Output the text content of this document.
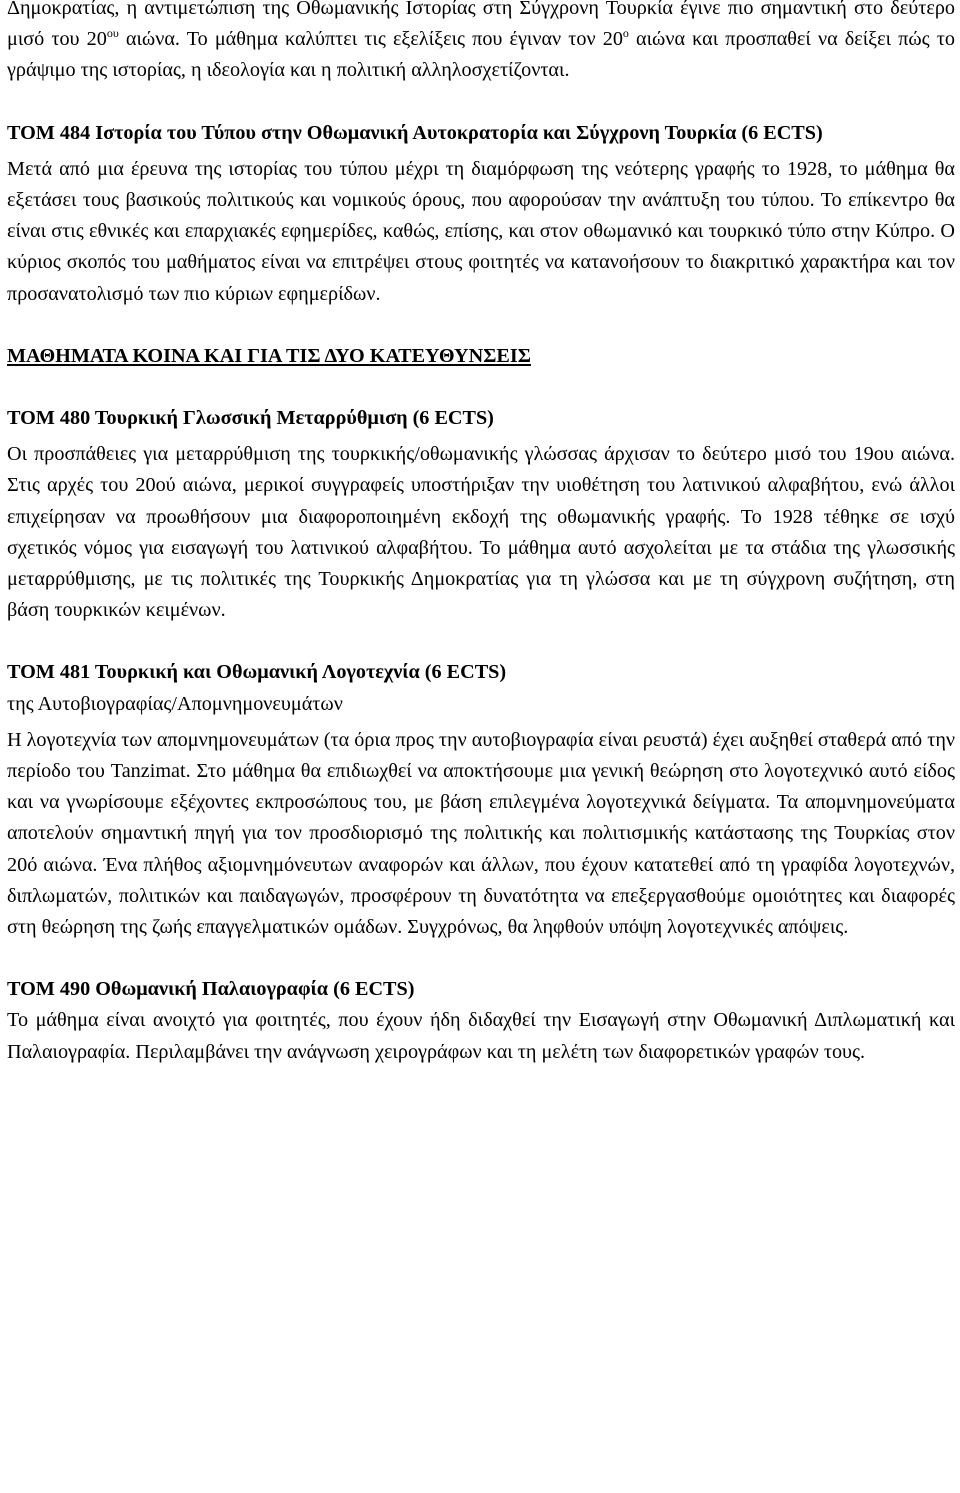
Δημοκρατίας, η αντιμετώπιση της Οθωμανικής Ιστορίας στη Σύγχρονη Τουρκία έγινε πιο σημαντική στο δεύτερο μισό του $20^{o\upsilon}$ αιώνα. Το μάθημα καλύπτει τις εξελίξεις που έγιναν τον $20^o$ αιώνα και προσπαθεί να δείξει πώς το γράψιμο της ιστορίας, η ιδεολογία και η πολιτική αλληλοσχετίζονται.

ΤΟΜ 484 Ιστορία του Τύπου στην Οθωμανική Αυτοκρατορία και Σύγχρονη Τουρκία (6 ECTS)

Μετά από μια έρευνα της ιστορίας του τύπου μέχρι τη διαμόρφωση της νεότερης γραφής το 1928, το μάθημα θα εξετάσει τους βασικούς πολιτικούς και νομικούς όρους, που αφορούσαν την ανάπτυξη του τύπου. Το επίκεντρο θα είναι στις εθνικές και επαρχιακές εφημερίδες, καθώς, επίσης, και στον οθωμανικό και τουρκικό τύπο στην Κύπρο. Ο κύριος σκοπός του μαθήματος είναι να επιτρέψει στους φοιτητές να κατανοήσουν το διακριτικό χαρακτήρα και τον προσανατολισμό των πιο κύριων εφημερίδων.

ΜΑΘΗΜΑΤΑ ΚΟΙΝΑ ΚΑΙ ΓΙΑ ΤΙΣ ΔΥΟ ΚΑΤΕΥΘΥΝΣΕΙΣ

ΤΟΜ 480 Τουρκική Γλωσσική Μεταρρύθμιση (6 ECTS)

Οι προσπάθειες για μεταρρύθμιση της τουρκικής/οθωμανικής γλώσσας άρχισαν το δεύτερο μισό του 19ου αιώνα. Στις αρχές του 20ού αιώνα, μερικοί συγγραφείς υποστήριξαν την υιοθέτηση του λατινικού αλφαβήτου, ενώ άλλοι επιχείρησαν να προωθήσουν μια διαφοροποιημένη εκδοχή της οθωμανικής γραφής. Το 1928 τέθηκε σε ισχύ σχετικός νόμος για εισαγωγή του λατινικού αλφαβήτου. Το μάθημα αυτό ασχολείται με τα στάδια της γλωσσικής μεταρρύθμισης, με τις πολιτικές της Τουρκικής Δημοκρατίας για τη γλώσσα και με τη σύγχρονη συζήτηση, στη βάση τουρκικών κειμένων.

ΤΟΜ 481 Τουρκική και Οθωμανική Λογοτεχνία (6 ECTS)

της Αυτοβιογραφίας/Απομνημονευμάτων

Η λογοτεχνία των απομνημονευμάτων (τα όρια προς την αυτοβιογραφία είναι ρευστά) έχει αυξηθεί σταθερά από την περίοδο του Tanzimat. Στο μάθημα θα επιδιωχθεί να αποκτήσουμε μια γενική θεώρηση στο λογοτεχνικό αυτό είδος και να γνωρίσουμε εξέχοντες εκπροσώπους του, με βάση επιλεγμένα λογοτεχνικά δείγματα. Τα απομνημονεύματα αποτελούν σημαντική πηγή για τον προσδιορισμό της πολιτικής και πολιτισμικής κατάστασης της Τουρκίας στον 20ό αιώνα. Ένα πλήθος αξιομνημόνευτων αναφορών και άλλων, που έχουν κατατεθεί από τη γραφίδα λογοτεχνών, διπλωματών, πολιτικών και παιδαγωγών, προσφέρουν τη δυνατότητα να επεξεργασθούμε ομοιότητες και διαφορές στη θεώρηση της ζωής επαγγελματικών ομάδων. Συγχρόνως, θα ληφθούν υπόψη λογοτεχνικές απόψεις.

ΤΟΜ 490 Οθωμανική Παλαιογραφία (6 ECTS)

Το μάθημα είναι ανοιχτό για φοιτητές, που έχουν ήδη διδαχθεί την Εισαγωγή στην Οθωμανική Διπλωματική και Παλαιογραφία. Περιλαμβάνει την ανάγνωση χειρογράφων και τη μελέτη των διαφορετικών γραφών τους.
